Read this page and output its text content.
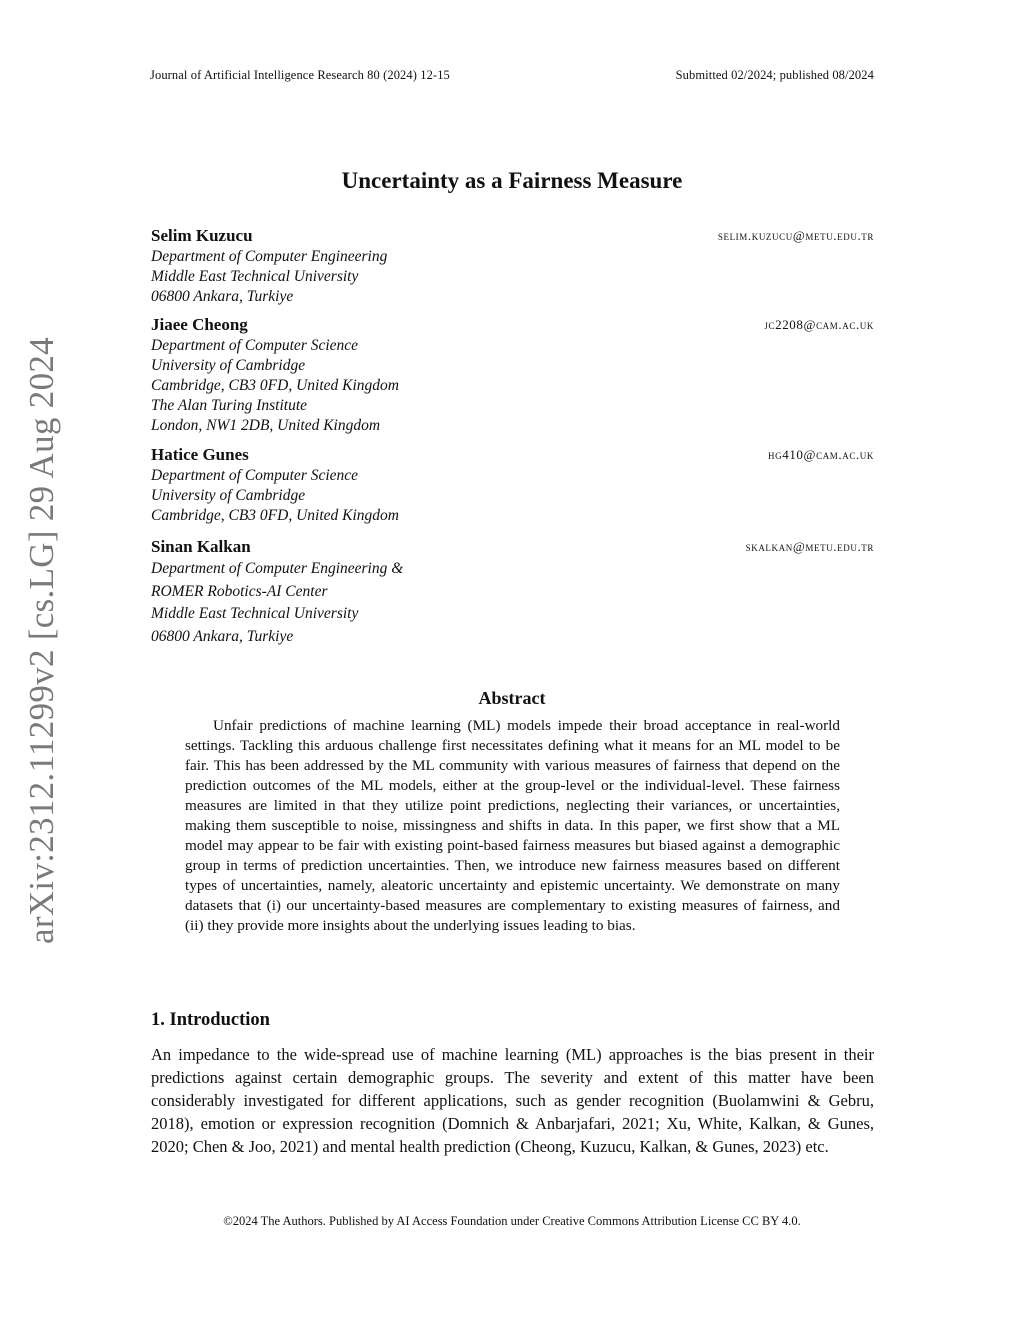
Journal of Artificial Intelligence Research 80 (2024) 12-15	Submitted 02/2024; published 08/2024
arXiv:2312.11299v2 [cs.LG] 29 Aug 2024
Uncertainty as a Fairness Measure
Selim Kuzucu	selim.kuzucu@metu.edu.tr
Department of Computer Engineering
Middle East Technical University
06800 Ankara, Turkiye
Jiaee Cheong	jc2208@cam.ac.uk
Department of Computer Science
University of Cambridge
Cambridge, CB3 0FD, United Kingdom
The Alan Turing Institute
London, NW1 2DB, United Kingdom
Hatice Gunes	hg410@cam.ac.uk
Department of Computer Science
University of Cambridge
Cambridge, CB3 0FD, United Kingdom
Sinan Kalkan	skalkan@metu.edu.tr
Department of Computer Engineering &
ROMER Robotics-AI Center
Middle East Technical University
06800 Ankara, Turkiye
Abstract
Unfair predictions of machine learning (ML) models impede their broad acceptance in real-world settings. Tackling this arduous challenge first necessitates defining what it means for an ML model to be fair. This has been addressed by the ML community with various measures of fairness that depend on the prediction outcomes of the ML models, either at the group-level or the individual-level. These fairness measures are limited in that they utilize point predictions, neglecting their variances, or uncertainties, making them susceptible to noise, missingness and shifts in data. In this paper, we first show that a ML model may appear to be fair with existing point-based fairness measures but biased against a demographic group in terms of prediction uncertainties. Then, we introduce new fairness measures based on different types of uncertainties, namely, aleatoric uncertainty and epistemic uncertainty. We demonstrate on many datasets that (i) our uncertainty-based measures are complementary to existing measures of fairness, and (ii) they provide more insights about the underlying issues leading to bias.
1. Introduction
An impedance to the wide-spread use of machine learning (ML) approaches is the bias present in their predictions against certain demographic groups. The severity and extent of this matter have been considerably investigated for different applications, such as gender recognition (Buolamwini & Gebru, 2018), emotion or expression recognition (Domnich & Anbarjafari, 2021; Xu, White, Kalkan, & Gunes, 2020; Chen & Joo, 2021) and mental health prediction (Cheong, Kuzucu, Kalkan, & Gunes, 2023) etc.
©2024 The Authors. Published by AI Access Foundation under Creative Commons Attribution License CC BY 4.0.
